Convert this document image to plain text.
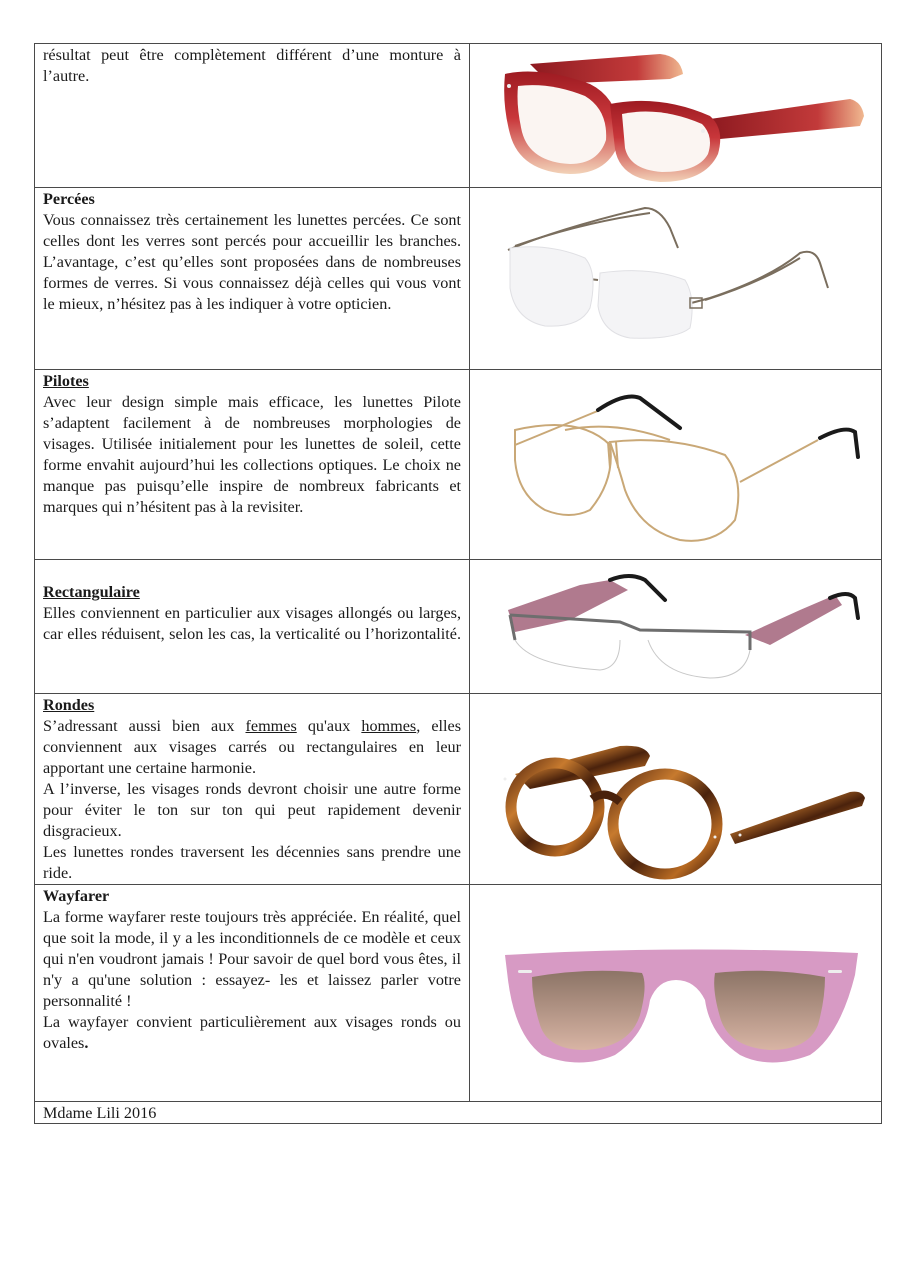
résultat peut être complètement différent d’une monture à l’autre.

Percées
Vous connaissez très certainement les lunettes percées. Ce sont celles dont les verres sont percés pour accueillir les branches. L’avantage, c’est qu’elles sont proposées dans de nombreuses formes de verres. Si vous connaissez déjà celles qui vous vont le mieux, n’hésitez pas à les indiquer à votre opticien.

Pilotes
Avec leur design simple mais efficace, les lunettes Pilote s’adaptent facilement à de nombreuses morphologies de visages. Utilisée initialement pour les lunettes de soleil, cette forme envahit aujourd’hui les collections optiques. Le choix ne manque pas puisqu’elle inspire de nombreux fabricants et marques qui n’hésitent pas à la revisiter.

Rectangulaire
Elles conviennent en particulier aux visages allongés ou larges, car elles réduisent, selon les cas, la verticalité ou l’horizontalité.

Rondes
S’adressant aussi bien aux femmes qu'aux hommes, elles conviennent aux visages carrés ou rectangulaires en leur apportant une certaine harmonie.
A l’inverse, les visages ronds devront choisir une autre forme pour éviter le ton sur ton qui peut rapidement devenir disgracieux.
Les lunettes rondes traversent les décennies sans prendre une ride.

Wayfarer
La forme wayfarer reste toujours très appréciée. En réalité, quel que soit la mode, il y a les inconditionnels de ce modèle et ceux qui n'en voudront jamais ! Pour savoir de quel bord vous êtes, il n'y a qu'une solution : essayez- les et laissez parler votre personnalité !
La wayfayer convient particulièrement aux visages ronds ou ovales.

Mdame Lili 2016	
